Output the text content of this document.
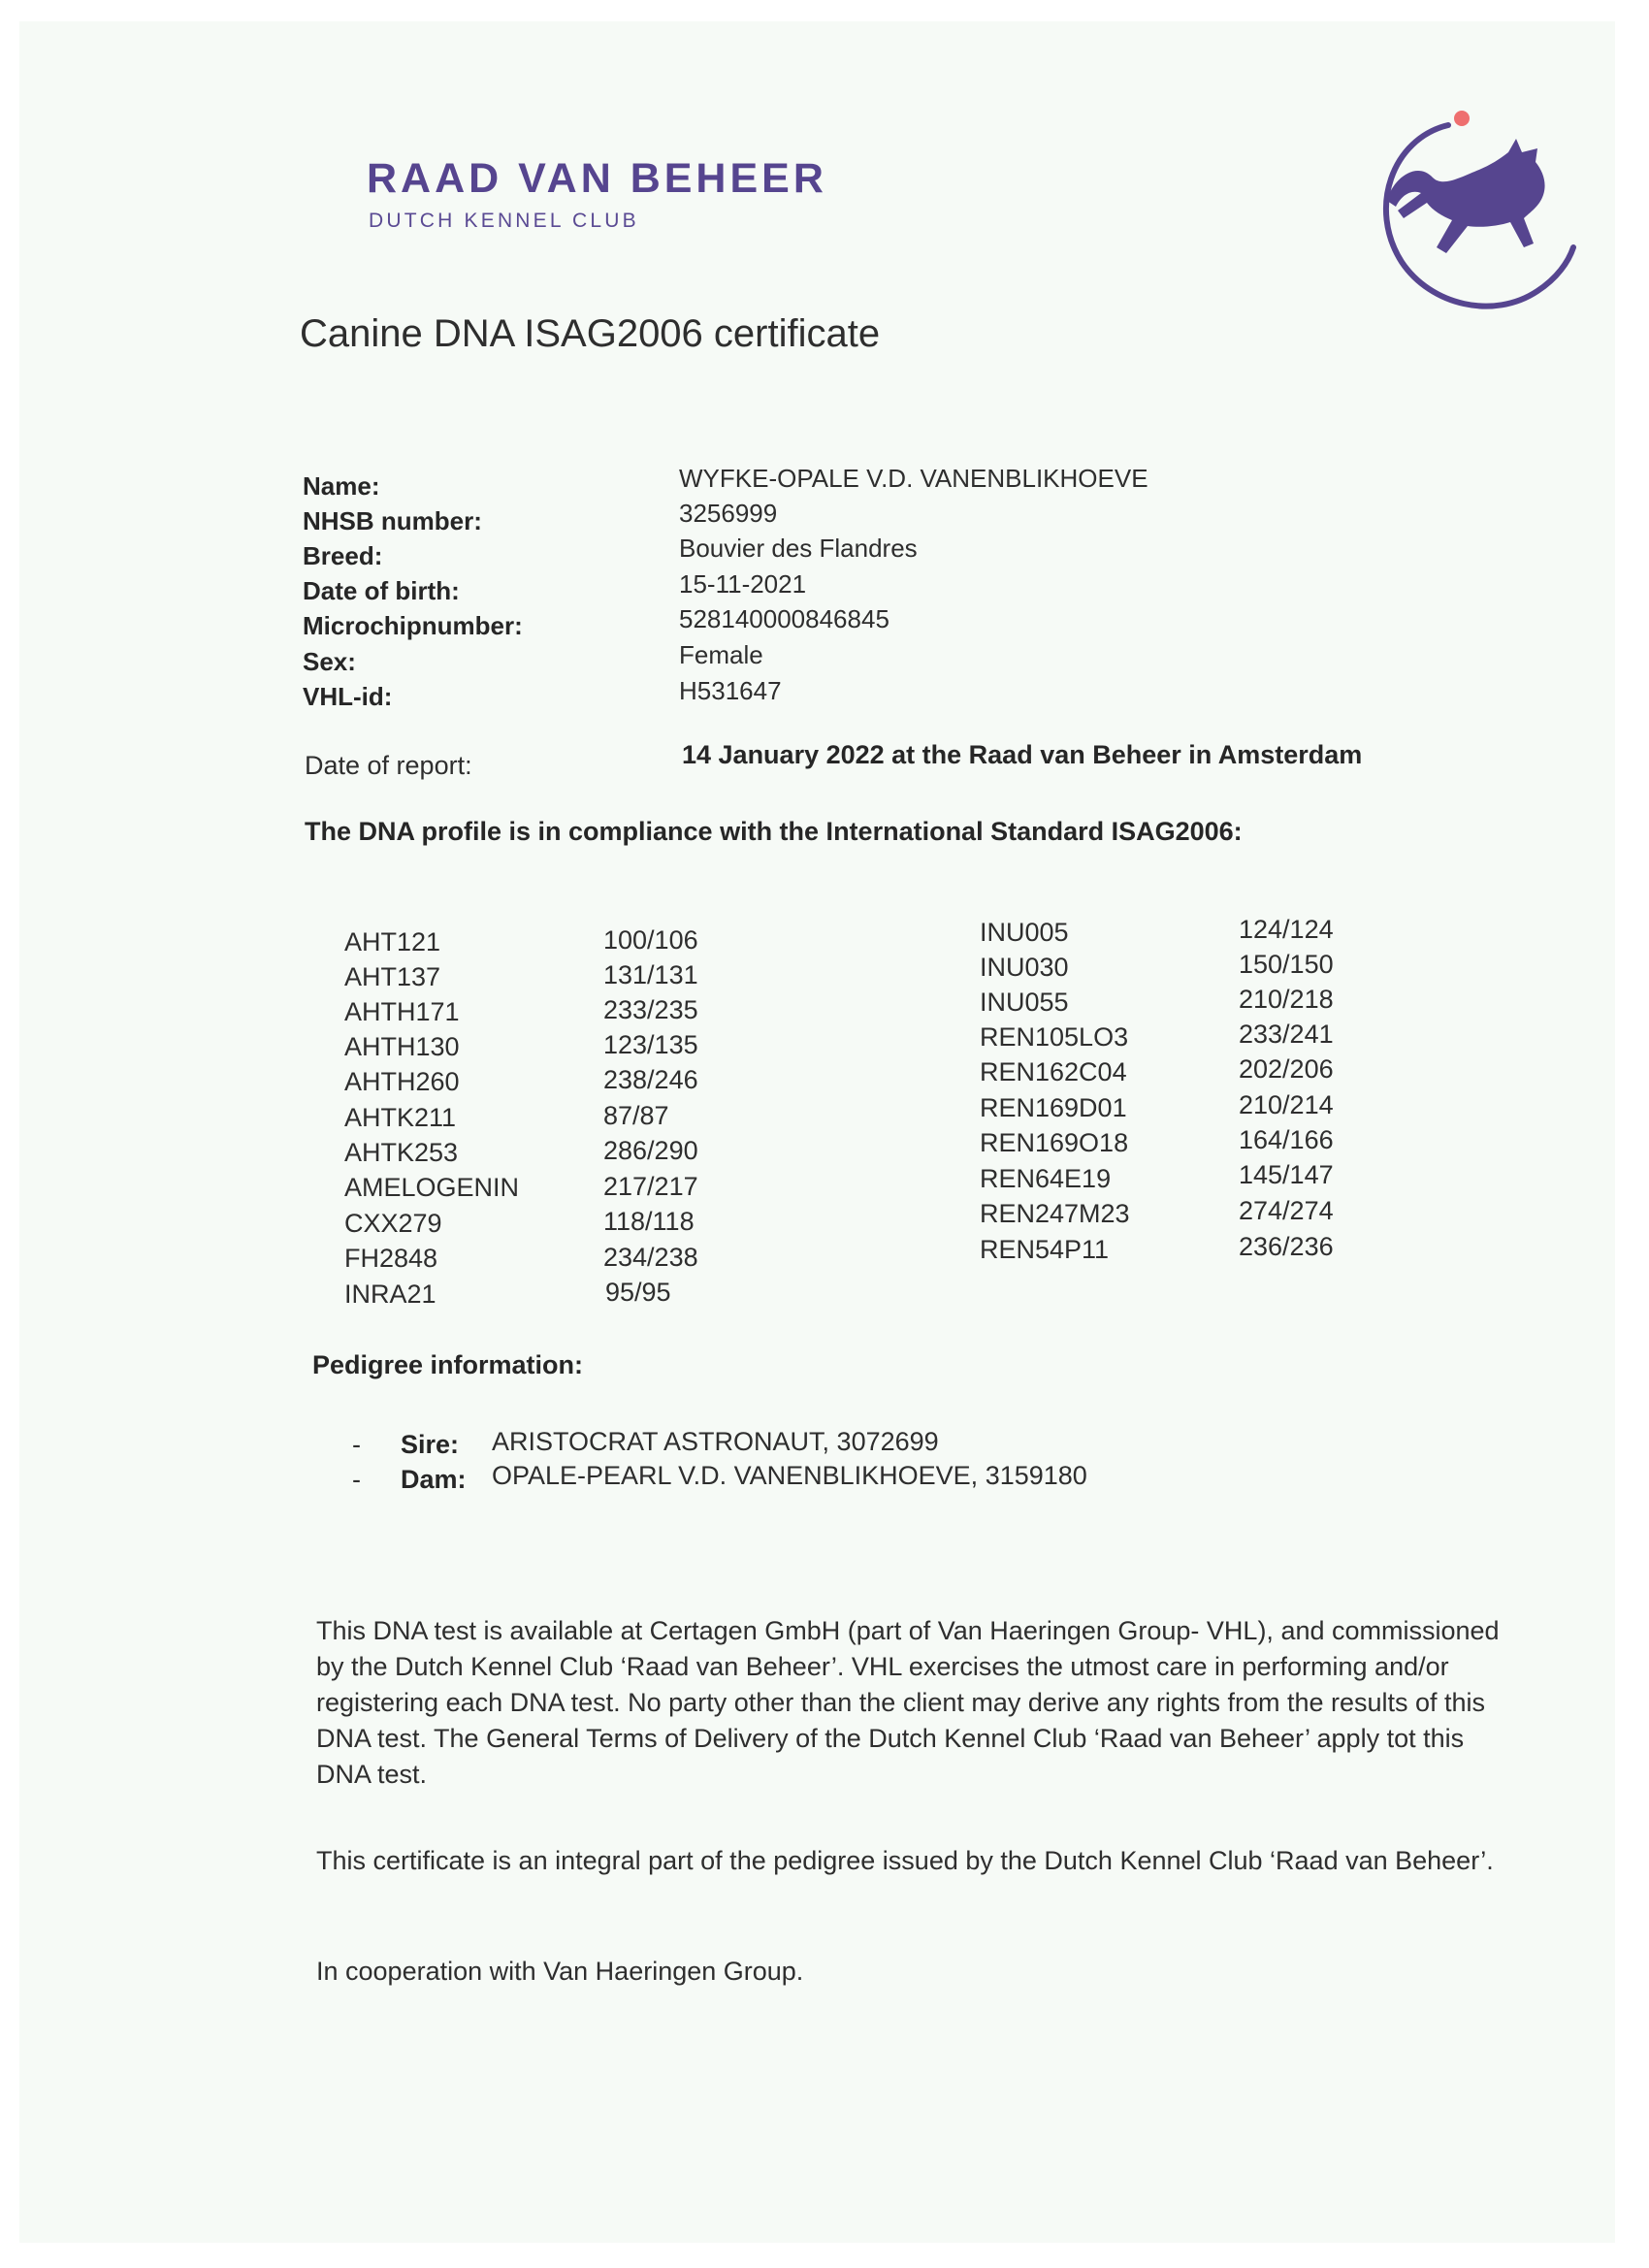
RAAD VAN BEHEER
DUTCH KENNEL CLUB
Canine DNA ISAG2006 certificate
Name:	WYFKE-OPALE V.D. VANENBLIKHOEVE
NHSB number:	3256999
Breed:	Bouvier des Flandres
Date of birth:	15-11-2021
Microchipnumber:	528140000846845
Sex:	Female
VHL-id:	H531647
Date of report:	14 January 2022 at the Raad van Beheer in Amsterdam
The DNA profile is in compliance with the International Standard ISAG2006:
AHT121	100/106
AHT137	131/131
AHTH171	233/235
AHTH130	123/135
AHTH260	238/246
AHTK211	87/87
AHTK253	286/290
AMELOGENIN	217/217
CXX279	118/118
FH2848	234/238
INRA21	95/95
INU005	124/124
INU030	150/150
INU055	210/218
REN105LO3	233/241
REN162C04	202/206
REN169D01	210/214
REN169O18	164/166
REN64E19	145/147
REN247M23	274/274
REN54P11	236/236
Pedigree information:
- Sire: ARISTOCRAT ASTRONAUT, 3072699
- Dam: OPALE-PEARL V.D. VANENBLIKHOEVE, 3159180
This DNA test is available at Certagen GmbH (part of Van Haeringen Group- VHL), and commissioned by the Dutch Kennel Club ‘Raad van Beheer’. VHL exercises the utmost care in performing and/or registering each DNA test. No party other than the client may derive any rights from the results of this DNA test. The General Terms of Delivery of the Dutch Kennel Club ‘Raad van Beheer’ apply tot this DNA test.
This certificate is an integral part of the pedigree issued by the Dutch Kennel Club ‘Raad van Beheer’.
In cooperation with Van Haeringen Group.
